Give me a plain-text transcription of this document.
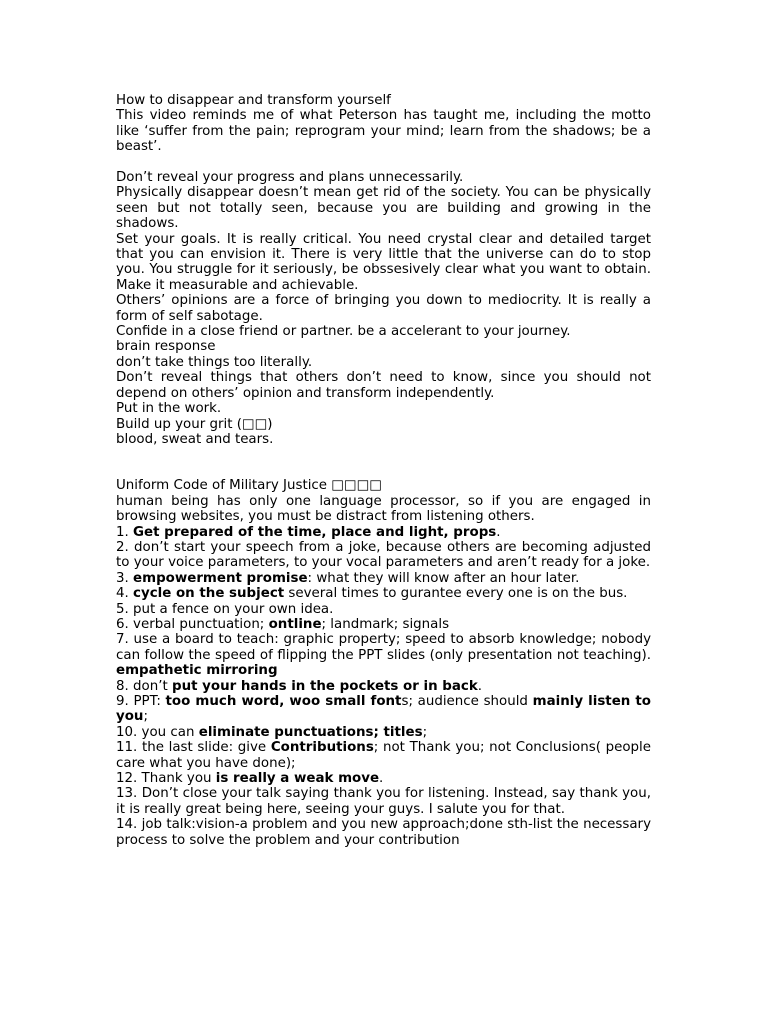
How to disappear and transform yourself

This video reminds me of what Peterson has taught me, including the motto like ‘suffer from the pain; reprogram your mind; learn from the shadows; be a beast’.

Don’t reveal your progress and plans unnecessarily.

Physically disappear doesn’t mean get rid of the society. You can be physically seen but not totally seen, because you are building and growing in the shadows.

Set your goals. It is really critical. You need crystal clear and detailed target that you can envision it. There is very little that the universe can do to stop you. You struggle for it seriously, be obssesively clear what you want to obtain. Make it measurable and achievable.

Others’ opinions are a force of bringing you down to mediocrity. It is really a form of self sabotage.

Confide in a close friend or partner. be a accelerant to your journey.

brain response

don’t take things too literally.

Don’t reveal things that others don’t need to know, since you should not depend on others’ opinion and transform independently.

Put in the work.

Build up your grit (□□)

blood, sweat and tears.

Uniform Code of Military Justice □□□□

human being has only one language processor, so if you are engaged in browsing websites, you must be distract from listening others.

1. Get prepared of the time, place and light, props.

2. don’t start your speech from a joke, because others are becoming adjusted to your voice parameters, to your vocal parameters and aren’t ready for a joke.

3. empowerment promise: what they will know after an hour later.

4. cycle on the subject several times to gurantee every one is on the bus.

5. put a fence on your own idea.

6. verbal punctuation; ontline; landmark; signals

7. use a board to teach: graphic property; speed to absorb knowledge; nobody can follow the speed of flipping the PPT slides (only presentation not teaching). empathetic mirroring

8. don’t put your hands in the pockets or in back.

9. PPT: too much word, woo small fonts; audience should mainly listen to you;

10. you can eliminate punctuations; titles;

11. the last slide: give Contributions; not Thank you; not Conclusions( people care what you have done);

12. Thank you is really a weak move.

13. Don’t close your talk saying thank you for listening. Instead, say thank you, it is really great being here, seeing your guys. I salute you for that.

14. job talk:vision-a problem and you new approach;done sth-list the necessary process to solve the problem and your contribution
